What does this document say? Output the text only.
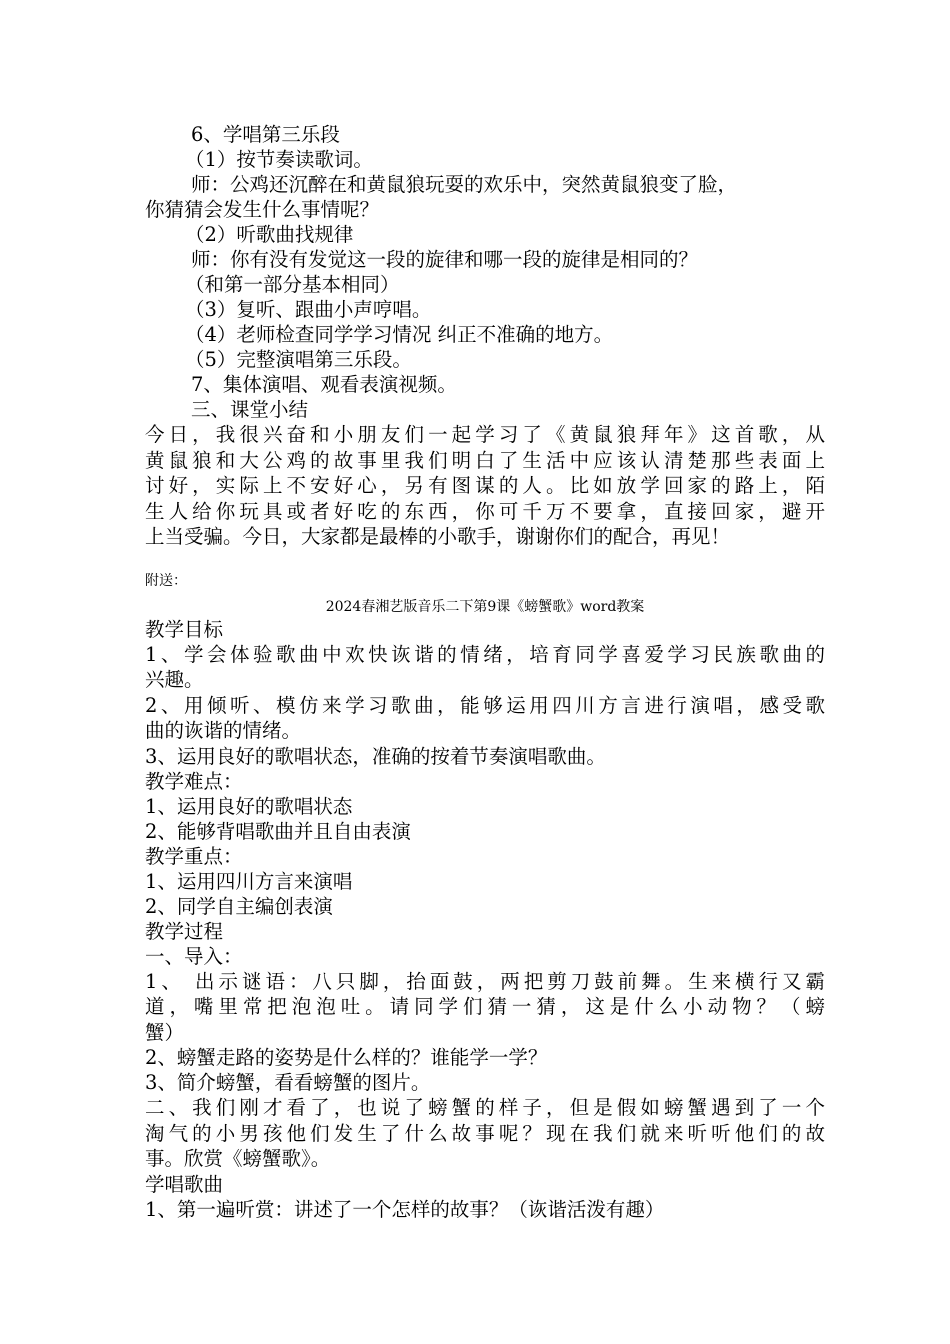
6、学唱第三乐段

（1）按节奏读歌词。

师：公鸡还沉醉在和黄鼠狼玩耍的欢乐中，突然黄鼠狼变了脸，

你猜猜会发生什么事情呢？

（2）听歌曲找规律

师：你有没有发觉这一段的旋律和哪一段的旋律是相同的？

（和第一部分基本相同）

（3）复听、跟曲小声哼唱。

（4）老师检查同学学习情况 纠正不准确的地方。

（5）完整演唱第三乐段。

7、集体演唱、观看表演视频。

三、课堂小结

今日，我很兴奋和小朋友们一起学习了《黄鼠狼拜年》这首歌，从
黄鼠狼和大公鸡的故事里我们明白了生活中应该认清楚那些表面上
讨好，实际上不安好心，另有图谋的人。比如放学回家的路上，陌
生人给你玩具或者好吃的东西，你可千万不要拿，直接回家，避开
上当受骗。今日，大家都是最棒的小歌手，谢谢你们的配合，再见！

附送：

2024春湘艺版音乐二下第9课《螃蟹歌》word教案

教学目标

1、学会体验歌曲中欢快诙谐的情绪，培育同学喜爱学习民族歌曲的
兴趣。

2、用倾听、模仿来学习歌曲，能够运用四川方言进行演唱，感受歌
曲的诙谐的情绪。

3、运用良好的歌唱状态，准确的按着节奏演唱歌曲。

教学难点：

1、运用良好的歌唱状态

2、能够背唱歌曲并且自由表演

教学重点：

1、运用四川方言来演唱

2、同学自主编创表演

教学过程

一、导入：

1、 出示谜语：八只脚，抬面鼓，两把剪刀鼓前舞。生来横行又霸
道，嘴里常把泡泡吐。请同学们猜一猜，这是什么小动物？（螃
蟹）

2、螃蟹走路的姿势是什么样的？谁能学一学？

3、简介螃蟹，看看螃蟹的图片。

二、我们刚才看了，也说了螃蟹的样子，但是假如螃蟹遇到了一个
淘气的小男孩他们发生了什么故事呢？现在我们就来听听他们的故
事。欣赏《螃蟹歌》。

学唱歌曲

1、第一遍听赏：讲述了一个怎样的故事？（诙谐活泼有趣）
